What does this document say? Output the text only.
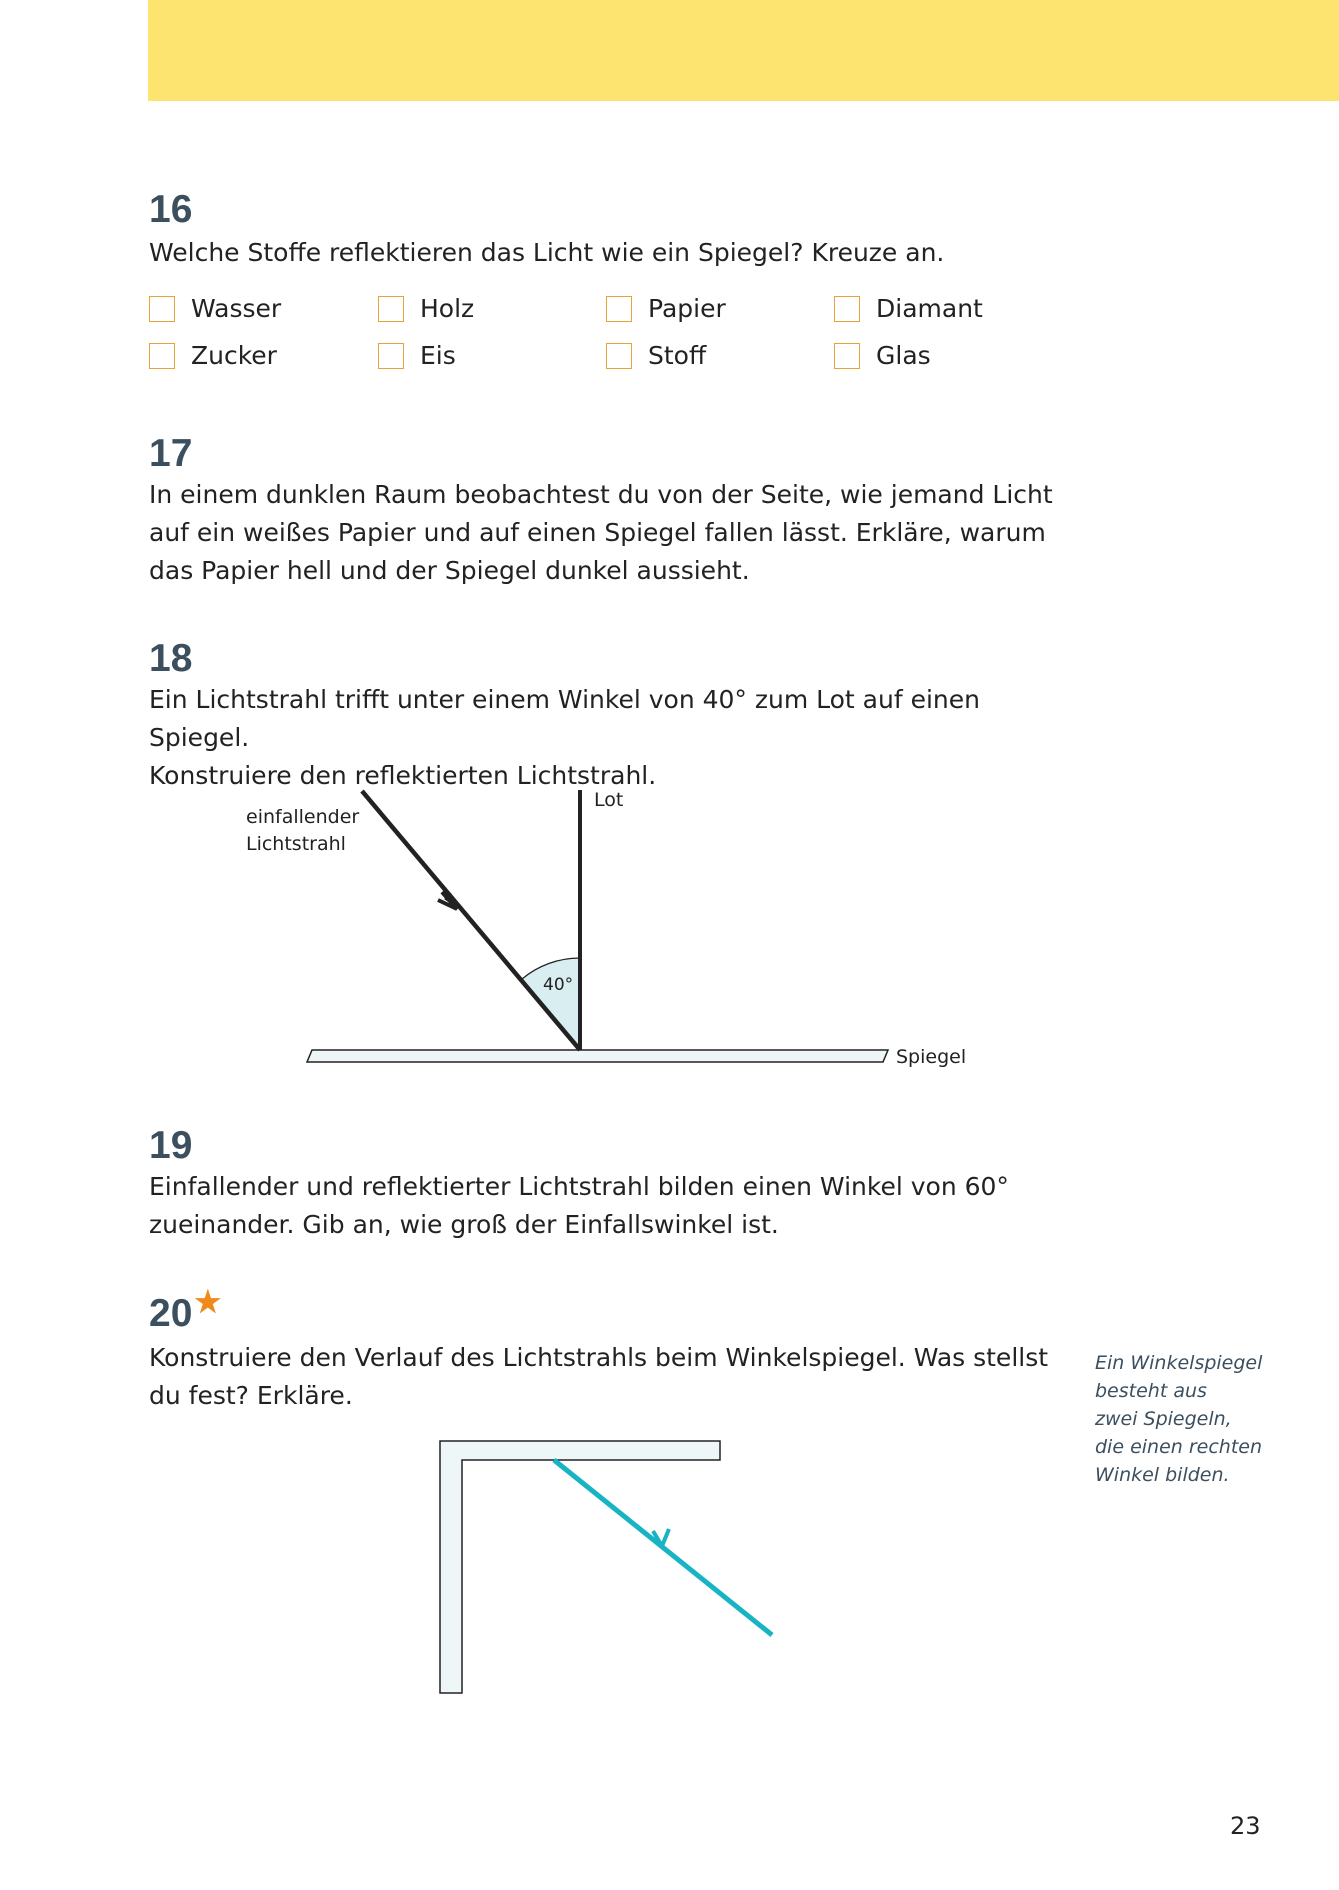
16

Welche Stoffe reflektieren das Licht wie ein Spiegel? Kreuze an.

Wasser	Holz	Papier	Diamant
Zucker	Eis	Stoff	Glas

17

In einem dunklen Raum beobachtest du von der Seite, wie jemand Licht

auf ein weißes Papier und auf einen Spiegel fallen lässt. Erkläre, warum

das Papier hell und der Spiegel dunkel aussieht.

18

Ein Lichtstrahl trifft unter einem Winkel von 40° zum Lot auf einen Spiegel.

Konstruiere den reflektierten Lichtstrahl.

einfallender
Lichtstrahl
Lot
40°
Spiegel

19

Einfallender und reflektierter Lichtstrahl bilden einen Winkel von 60°

zueinander. Gib an, wie groß der Einfallswinkel ist.

20★

Konstruiere den Verlauf des Lichtstrahls beim Winkelspiegel. Was stellst

du fest? Erkläre.

Ein Winkelspiegel
besteht aus
zwei Spiegeln,
die einen rechten
Winkel bilden.

23
